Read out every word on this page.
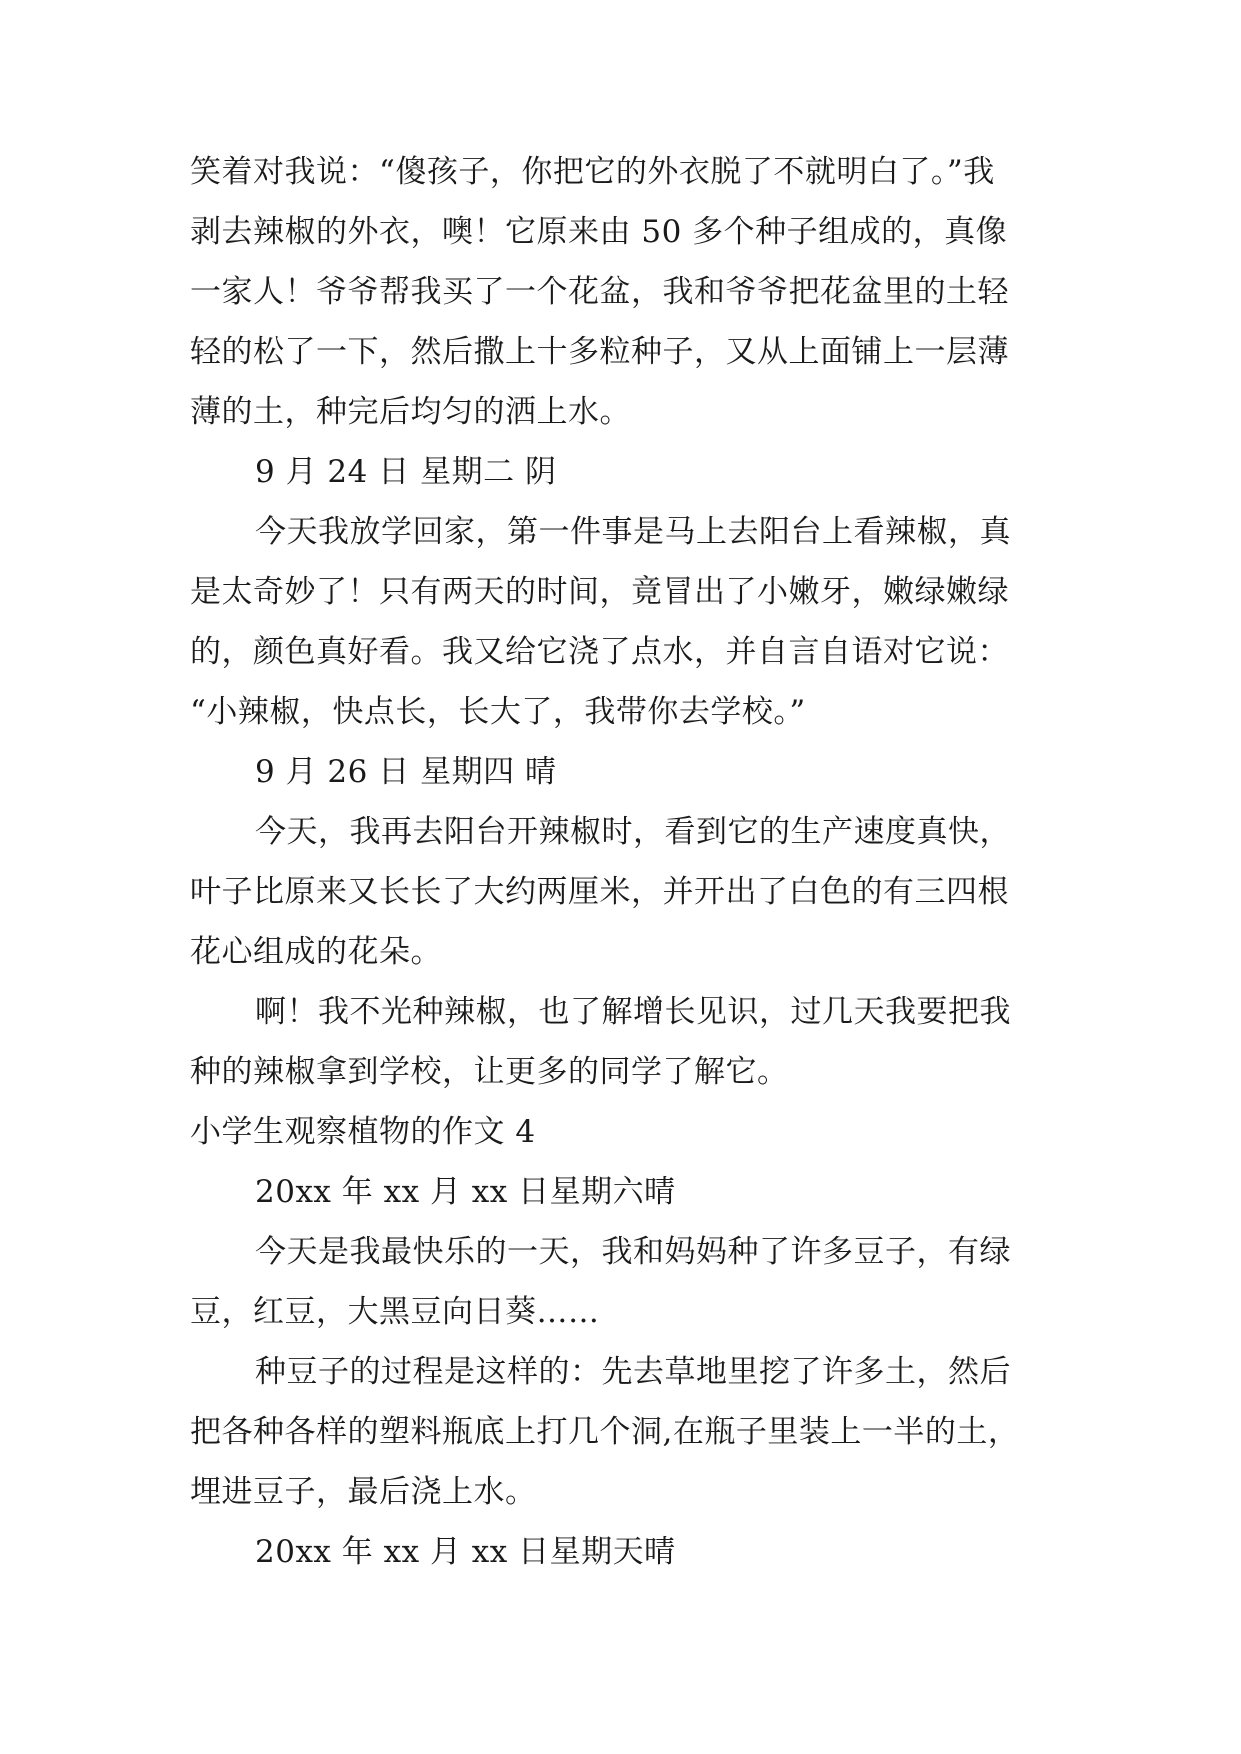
笑着对我说：“傻孩子，你把它的外衣脱了不就明白了。”我
剥去辣椒的外衣，噢！它原来由 50 多个种子组成的，真像
一家人！爷爷帮我买了一个花盆，我和爷爷把花盆里的土轻
轻的松了一下，然后撒上十多粒种子，又从上面铺上一层薄
薄的土，种完后均匀的洒上水。
9 月 24 日 星期二 阴
今天我放学回家，第一件事是马上去阳台上看辣椒，真
是太奇妙了！只有两天的时间，竟冒出了小嫩牙，嫩绿嫩绿
的，颜色真好看。我又给它浇了点水，并自言自语对它说：
“小辣椒，快点长，长大了，我带你去学校。”
9 月 26 日 星期四 晴
今天，我再去阳台开辣椒时，看到它的生产速度真快，
叶子比原来又长长了大约两厘米，并开出了白色的有三四根
花心组成的花朵。
啊！我不光种辣椒，也了解增长见识，过几天我要把我
种的辣椒拿到学校，让更多的同学了解它。
小学生观察植物的作文 4
20xx 年 xx 月 xx 日星期六晴
今天是我最快乐的一天，我和妈妈种了许多豆子，有绿
豆，红豆，大黑豆向日葵……
种豆子的过程是这样的：先去草地里挖了许多土，然后
把各种各样的塑料瓶底上打几个洞,在瓶子里装上一半的土，
埋进豆子，最后浇上水。
20xx 年 xx 月 xx 日星期天晴
